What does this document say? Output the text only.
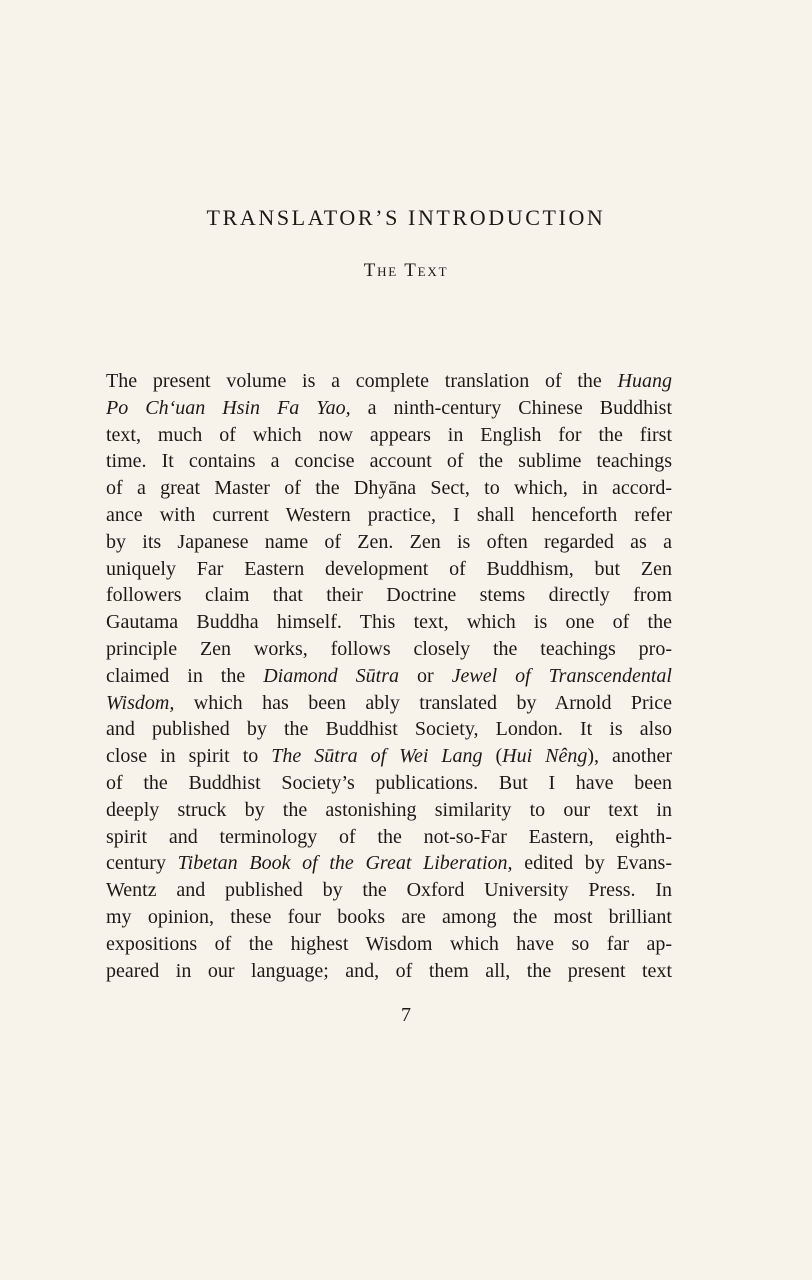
TRANSLATOR’S INTRODUCTION
The Text

The present volume is a complete translation of the Huang
Po Ch‘uan Hsin Fa Yao, a ninth-century Chinese Buddhist
text, much of which now appears in English for the first
time. It contains a concise account of the sublime teachings
of a great Master of the Dhyāna Sect, to which, in accord-
ance with current Western practice, I shall henceforth refer
by its Japanese name of Zen. Zen is often regarded as a
uniquely Far Eastern development of Buddhism, but Zen
followers claim that their Doctrine stems directly from
Gautama Buddha himself. This text, which is one of the
principle Zen works, follows closely the teachings pro-
claimed in the Diamond Sūtra or Jewel of Transcendental
Wisdom, which has been ably translated by Arnold Price
and published by the Buddhist Society, London. It is also
close in spirit to The Sūtra of Wei Lang (Hui Nêng), another
of the Buddhist Society’s publications. But I have been
deeply struck by the astonishing similarity to our text in
spirit and terminology of the not-so-Far Eastern, eighth-
century Tibetan Book of the Great Liberation, edited by Evans-
Wentz and published by the Oxford University Press. In
my opinion, these four books are among the most brilliant
expositions of the highest Wisdom which have so far ap-
peared in our language; and, of them all, the present text

7
